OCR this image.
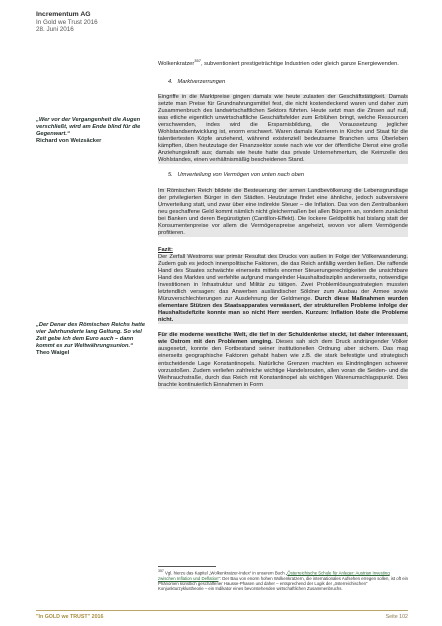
Incrementum AG
In Gold we Trust 2016
28. Juni 2016
„Wer vor der Vergangenheit die Augen verschließt, wird am Ende blind für die Gegenwart.“
Richard von Weizsäcker
„Der Denar des Römischen Reichs hatte vier Jahrhunderte lang Geltung. So viel Zeit gebe ich dem Euro auch – dann kommt es zur Weltwährungsunion.“
Theo Waigel

Wolkenkratzer$^{357}$, subventioniert prestigeträchtige Industrien oder gleich ganze Energiewenden.

4.   Marktverzerrungen

Eingriffe in die Marktpreise gingen damals wie heute zulasten der Geschäftstätigkeit. Damals setzte man Preise für Grundnahrungsmittel fest, die nicht kostendeckend waren und daher zum Zusammenbruch des landwirtschaftlichen Sektors führten. Heute setzt man die Zinsen auf null, was etliche eigentlich unwirtschaftliche Geschäftsfelder zum Erblühen bringt, welche Ressourcen verschwenden, indes wird die Ersparnisbildung, die Voraussetzung jeglicher Wohlstandsentwicklung ist, enorm erschwert. Waren damals Karrieren in Kirche und Staat für die talentiertesten Köpfe anziehend, während existenziell bedeutsame Branchen ums Überleben kämpften, üben heutzutage der Finanzsektor sowie nach wie vor der öffentliche Dienst eine große Anziehungskraft aus; damals wie heute hatte das private Unternehmertum, die Keimzelle des Wohlstandes, einen verhältnismäßig bescheidenen Stand.

5.   Umverteilung von Vermögen von unten nach oben

Im Römischen Reich bildete die Besteuerung der armen Landbevölkerung die Lebensgrundlage der privilegierten Bürger in den Städten. Heutzutage findet eine ähnliche, jedoch subversivere Umverteilung statt, und zwar über eine indirekte Steuer – die Inflation. Das von den Zentralbanken neu geschaffene Geld kommt nämlich nicht gleichermaßen bei allen Bürgern an, sondern zunächst bei Banken und deren Begünstigten (Cantillon-Effekt). Die lockere Geldpolitik hat bislang statt der Konsumentenpreise vor allem die Vermögenspreise angeheizt, wovon vor allem Vermögende profitieren.

Fazit:

Der Zerfall Westroms war primär Resultat des Drucks von außen in Folge der Völkerwanderung. Zudem gab es jedoch innenpolitische Faktoren, die das Reich anfällig werden ließen. Die raffende Hand des Staates schwächte einerseits mittels enormer Steuerungerechtigkeiten die unsichtbare Hand des Marktes und verfehlte aufgrund mangelnder Haushaltsdisziplin andererseits, notwendige Investitionen in Infrastruktur und Militär zu tätigen. Zwei Problemlösungsstrategien mussten letztendlich versagen: das Anwerben ausländischer Söldner zum Ausbau der Armee sowie Münzverschlechterungen zur Ausdehnung der Geldmenge. Durch diese Maßnahmen wurden elementare Stützen des Staatsapparates verwässert, der strukturellen Probleme infolge der Haushaltsdefizite konnte man so nicht Herr werden. Kurzum: Inflation löste die Probleme nicht.

Für die moderne westliche Welt, die tief in der Schuldenkrise steckt, ist daher interessant, wie Ostrom mit den Problemen umging. Dieses sah sich dem Druck andrängender Völker ausgesetzt, konnte den Fortbestand seiner institutionellen Ordnung aber sichern. Das mag einerseits geographische Faktoren gehabt haben wie z.B. die stark befestigte und strategisch entscheidende Lage Konstantinopels. Natürliche Grenzen machten es Eindringlingen schwerer vorzustoßen. Zudem verliefen zahlreiche wichtige Handelsrouten, allen voran die Seiden- und die Weihrauchstraße, durch das Reich mit Konstantinopel als wichtigen Warenumschlagspunkt. Dies brachte kontinuierlich Einnahmen in Form

$^{357}$ Vgl. hierzu das Kapitel „Wolkenkratzer-Index“ in unserem Buch „Österreichische Schule für Anleger: Austrian Investing zwischen Inflation und Deflation“: Der Bau von enorm hohen Wolkenkratzern, die internationales Aufsehen erregen sollen, ist oft ein Phänomen künstlich geschaffener Hausse-Phasen und daher – entsprechend der Logik der „österreichischen“ Konjunkturzyklustheorie – ein Indikator eines bevorstehenden wirtschaftlichen Zusammenbruchs.

"In GOLD we TRUST" 2016	Seite 102
